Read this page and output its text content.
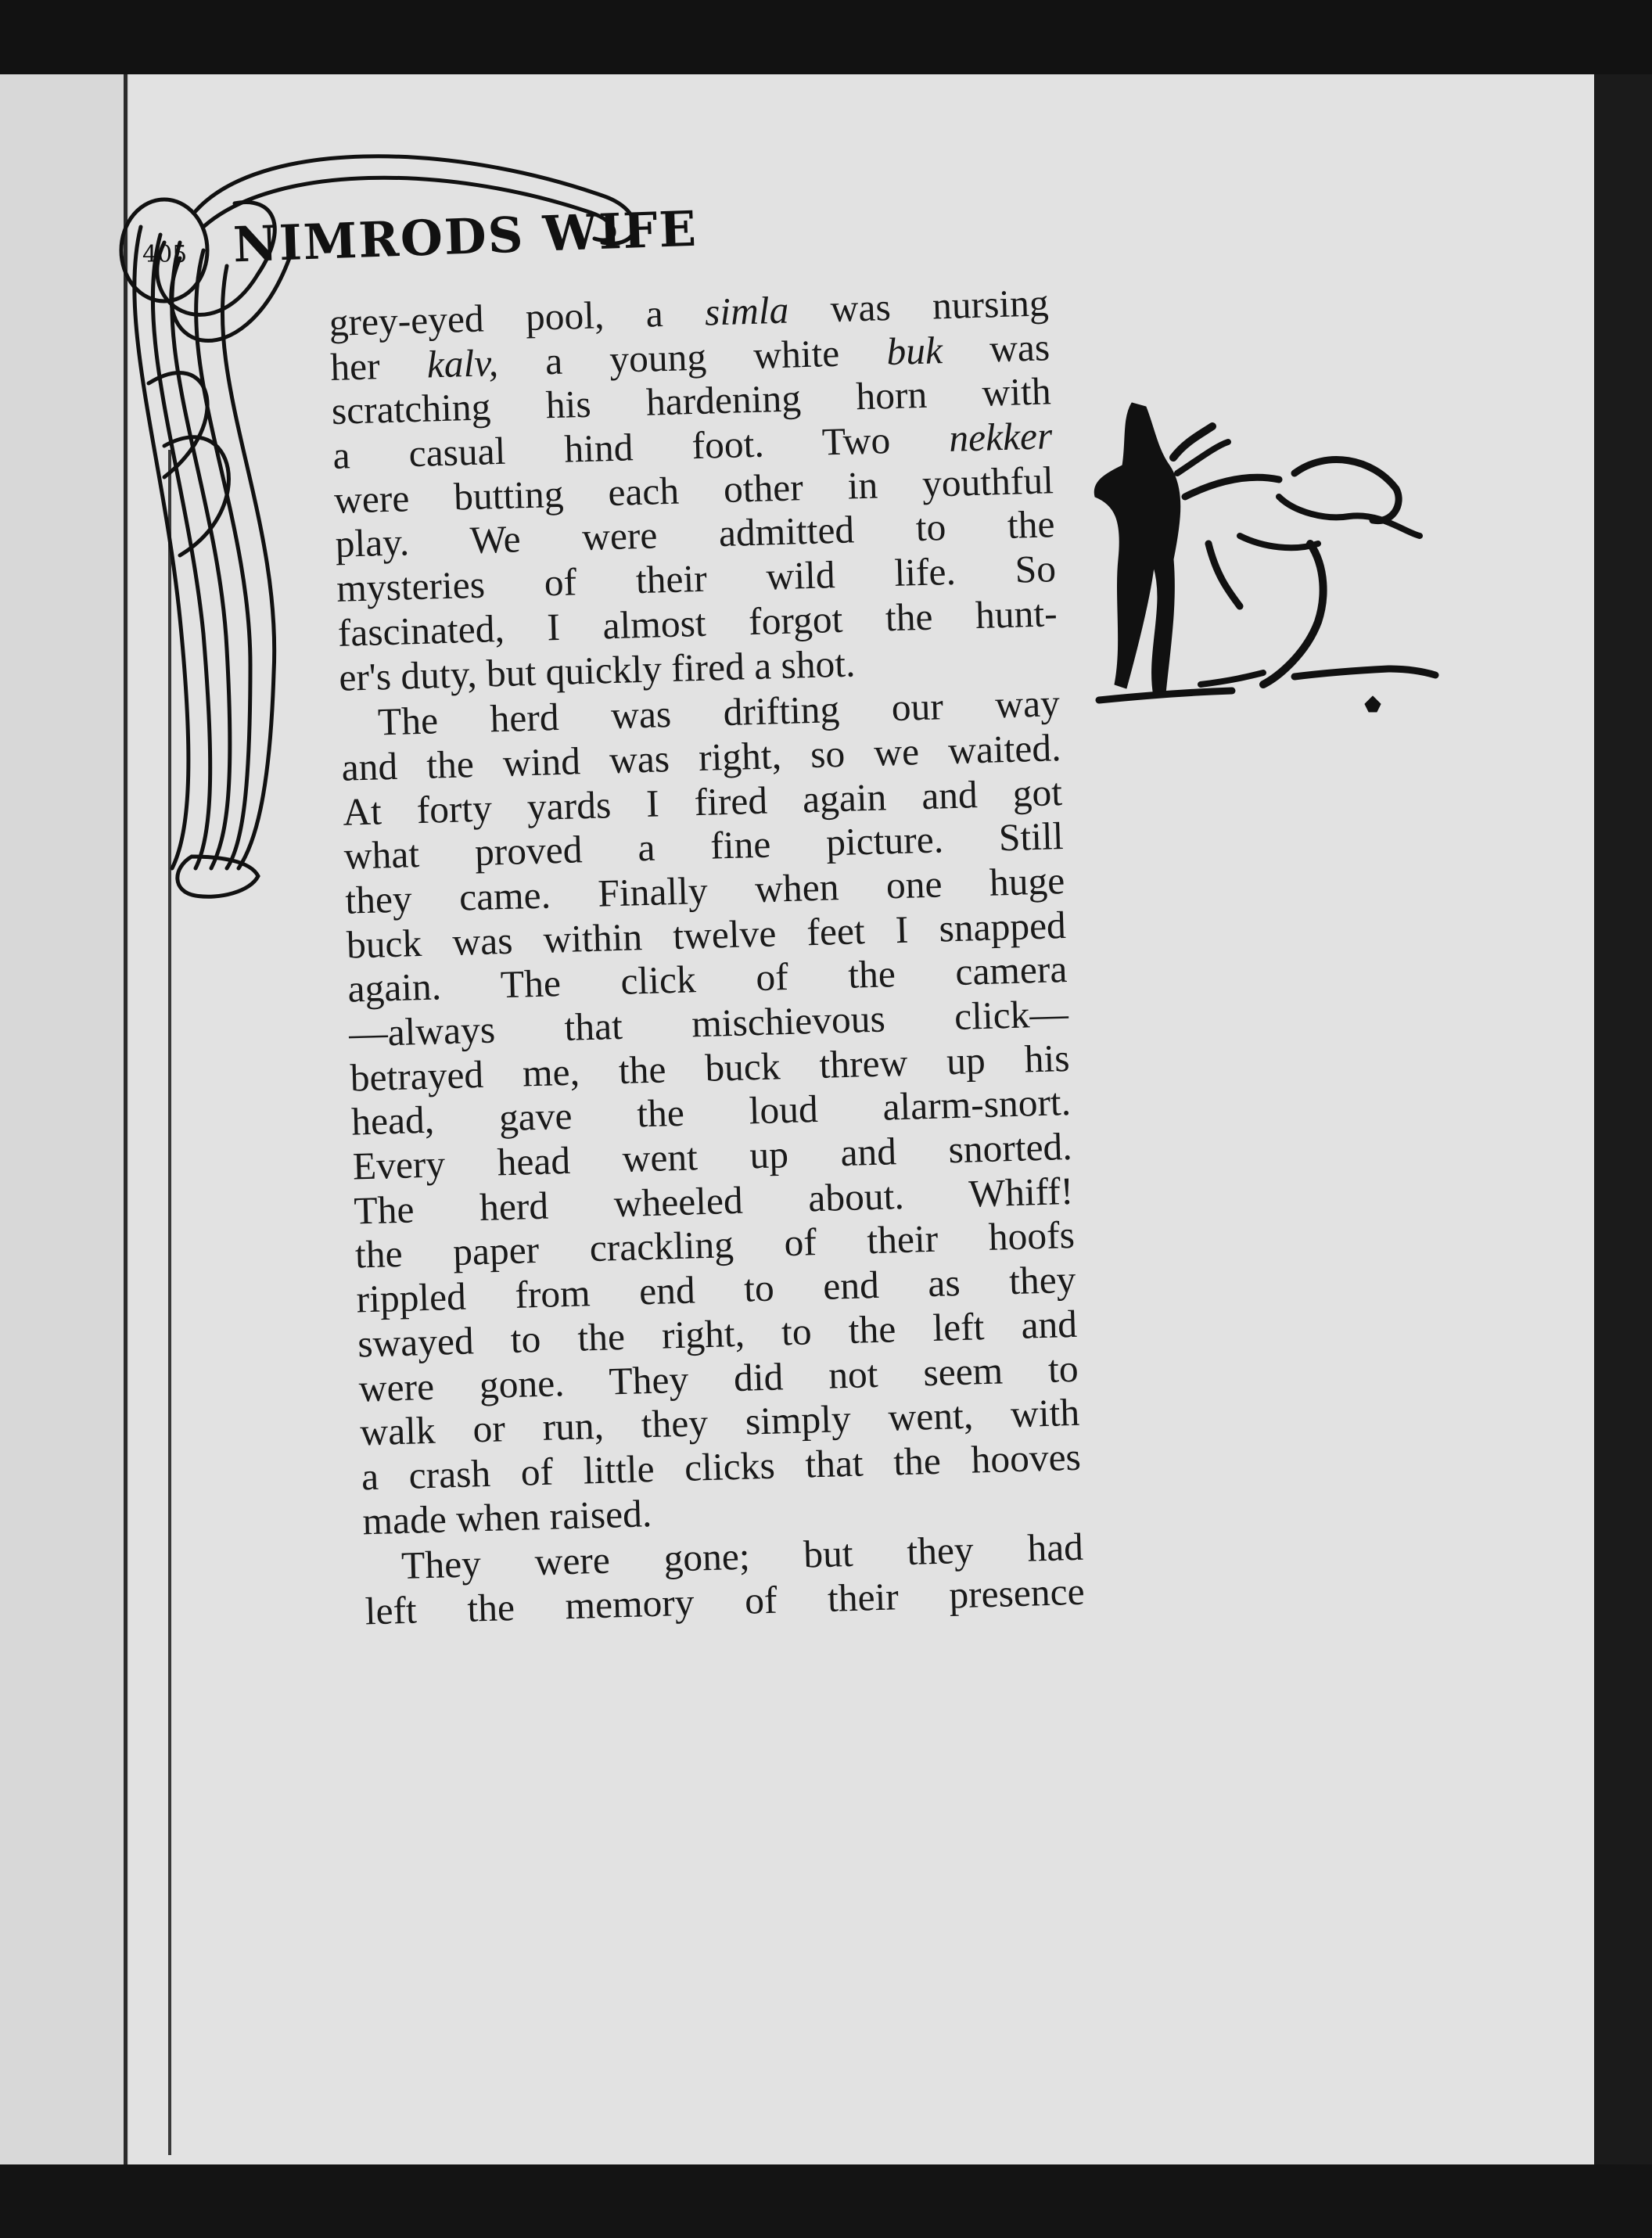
405 NIMRODS WIFE
grey-eyed pool, a simla was nursing
her kalv, a young white buk was
scratching his hardening horn with
a casual hind foot. Two nekker
were butting each other in youthful
play. We were admitted to the
mysteries of their wild life. So
fascinated, I almost forgot the hunt-
er's duty, but quickly fired a shot.
The herd was drifting our way
and the wind was right, so we waited.
At forty yards I fired again and got
what proved a fine picture. Still
they came. Finally when one huge
buck was within twelve feet I snapped
again. The click of the camera
—always that mischievous click—
betrayed me, the buck threw up his
head, gave the loud alarm-snort.
Every head went up and snorted.
The herd wheeled about. Whiff!
the paper crackling of their hoofs
rippled from end to end as they
swayed to the right, to the left and
were gone. They did not seem to
walk or run, they simply went, with
a crash of little clicks that the hooves
made when raised.
They were gone; but they had
left the memory of their presence
